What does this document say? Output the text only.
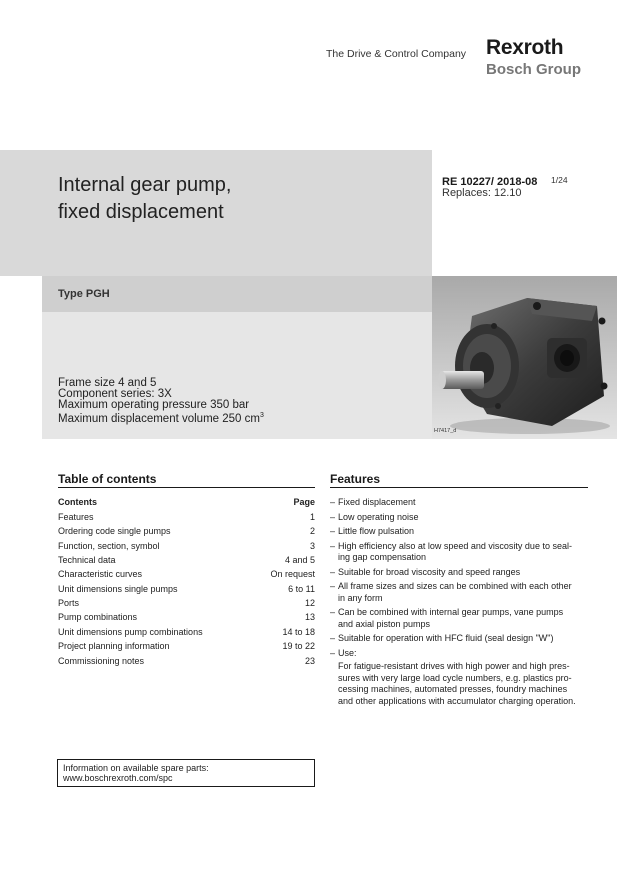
The Drive & Control Company Rexroth
Bosch Group
Internal gear pump,
fixed displacement
Type PGH
Frame size 4 and 5
Component series: 3X
Maximum operating pressure 350 bar
Maximum displacement volume 250 $cm^3$
RE 10227/ 2018-08 1/24
Replaces: 12.10
H7417_d
Table of contents
Contents	Page
Features	1
Ordering code single pumps	2
Function, section, symbol	3
Technical data	4 and 5
Characteristic curves	On request
Unit dimensions single pumps	6 to 11
Ports	12
Pump combinations	13
Unit dimensions pump combinations	14 to 18
Project planning information	19 to 22
Commissioning notes	23
Features
– Fixed displacement
– Low operating noise
– Little flow pulsation
– High efficiency also at low speed and viscosity due to seal-
ing gap compensation
– Suitable for broad viscosity and speed ranges
– All frame sizes and sizes can be combined with each other
in any form
– Can be combined with internal gear pumps, vane pumps
and axial piston pumps
– Suitable for operation with HFC fluid (seal design "W")
– Use:
For fatigue-resistant drives with high power and high pres-
sures with very large load cycle numbers, e.g. plastics pro-
cessing machines, automated presses, foundry machines
and other applications with accumulator charging operation.
Information on available spare parts:
www.boschrexroth.com/spc
